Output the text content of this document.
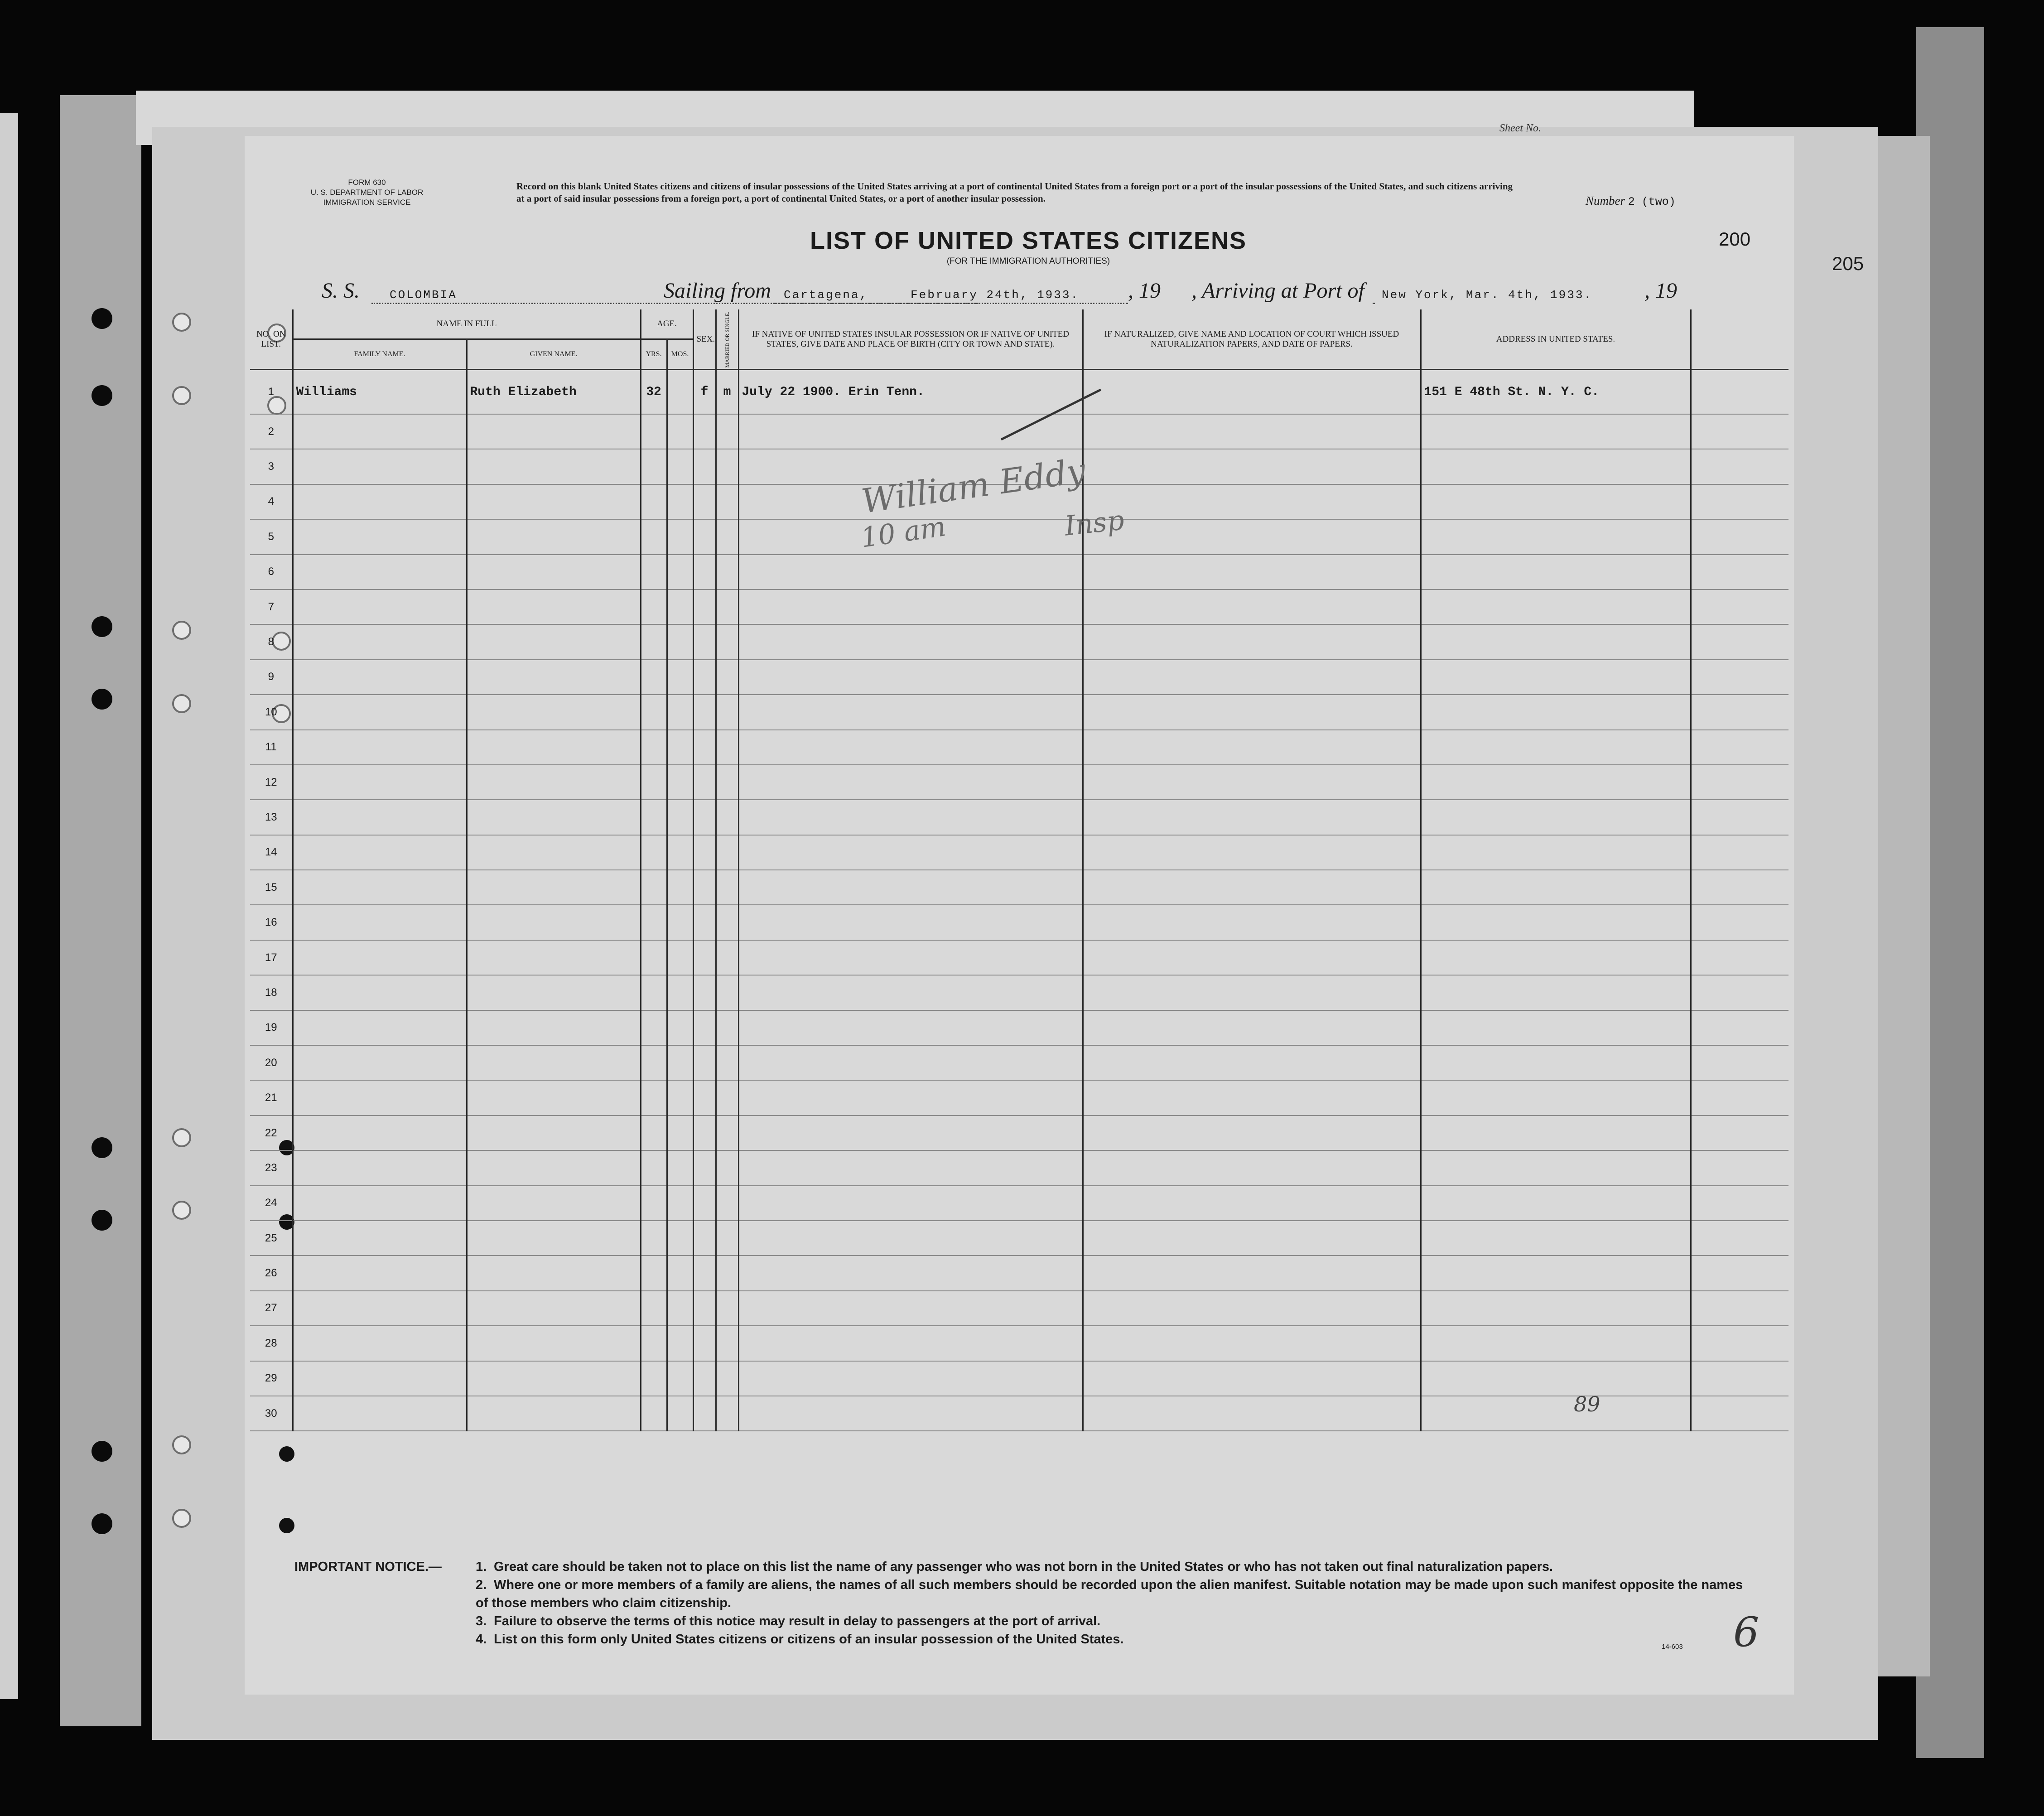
Sheet No.
200
205
FORM 630
U. S. DEPARTMENT OF LABOR
IMMIGRATION SERVICE
Record on this blank United States citizens and citizens of insular possessions of the United States arriving at a port of continental United States from a foreign port or a port of the insular possessions of the United States, and such citizens arriving at a port of said insular possessions from a foreign port, a port of continental United States, or a port of another insular possession.	Number 2 (two)
LIST OF UNITED STATES CITIZENS
(FOR THE IMMIGRATION AUTHORITIES)
S. S.	COLOMBIA	Sailing from Cartagena,	February 24th, 1933. , 19 , Arriving at Port of New York, Mar. 4th, 1933. , 19
NO. ON LIST.	NAME IN FULL		AGE.		SEX.	MARRIED OR SINGLE.	IF NATIVE OF UNITED STATES INSULAR POSSESSION OR IF NATIVE OF UNITED STATES, GIVE DATE AND PLACE OF BIRTH (CITY OR TOWN AND STATE).	IF NATURALIZED, GIVE NAME AND LOCATION OF COURT WHICH ISSUED NATURALIZATION PAPERS, AND DATE OF PAPERS.	ADDRESS IN UNITED STATES.	
	FAMILY NAME.	GIVEN NAME.	YRS.	MOS.						
1	Williams	Ruth Elizabeth	32		f	m	July 22 1900. Erin Tenn.		151 E 48th St. N. Y. C.	
2										
3										
4										
5										
6										
7										
8										
9										
10										
11										
12										
13										
14										
15										
16										
17										
18										
19										
20										
21										
22										
23										
24										
25										
26										
27										
28										
29										
30										
William Eddy
10 am	Insp
89
IMPORTANT NOTICE.—	1. Great care should be taken not to place on this list the name of any passenger who was not born in the United States or who has not taken out final naturalization papers.
2. Where one or more members of a family are aliens, the names of all such members should be recorded upon the alien manifest. Suitable notation may be made upon such manifest opposite the names of those members who claim citizenship.
3. Failure to observe the terms of this notice may result in delay to passengers at the port of arrival.
4. List on this form only United States citizens or citizens of an insular possession of the United States.
14-603 6
